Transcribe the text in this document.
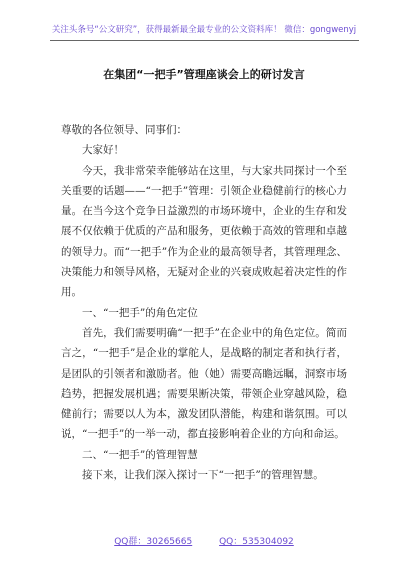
关注头条号“公文研究”，获得最新最全最专业的公文资料库！ 微信：gongwenyj
在集团“一把手”管理座谈会上的研讨发言

尊敬的各位领导、同事们：

大家好！

今天，我非常荣幸能够站在这里，与大家共同探讨一个至关重要的话题——“一把手”管理：引领企业稳健前行的核心力量。在当今这个竞争日益激烈的市场环境中，企业的生存和发展不仅依赖于优质的产品和服务，更依赖于高效的管理和卓越的领导力。而“一把手”作为企业的最高领导者，其管理理念、决策能力和领导风格，无疑对企业的兴衰成败起着决定性的作用。

一、“一把手”的角色定位

首先，我们需要明确“一把手”在企业中的角色定位。简而言之，“一把手”是企业的掌舵人，是战略的制定者和执行者，是团队的引领者和激励者。他（她）需要高瞻远瞩，洞察市场趋势，把握发展机遇；需要果断决策，带领企业穿越风险，稳健前行；需要以人为本，激发团队潜能，构建和谐氛围。可以说，“一把手”的一举一动，都直接影响着企业的方向和命运。

二、“一把手”的管理智慧

接下来，让我们深入探讨一下“一把手”的管理智慧。

QQ群：30265665	QQ：535304092
